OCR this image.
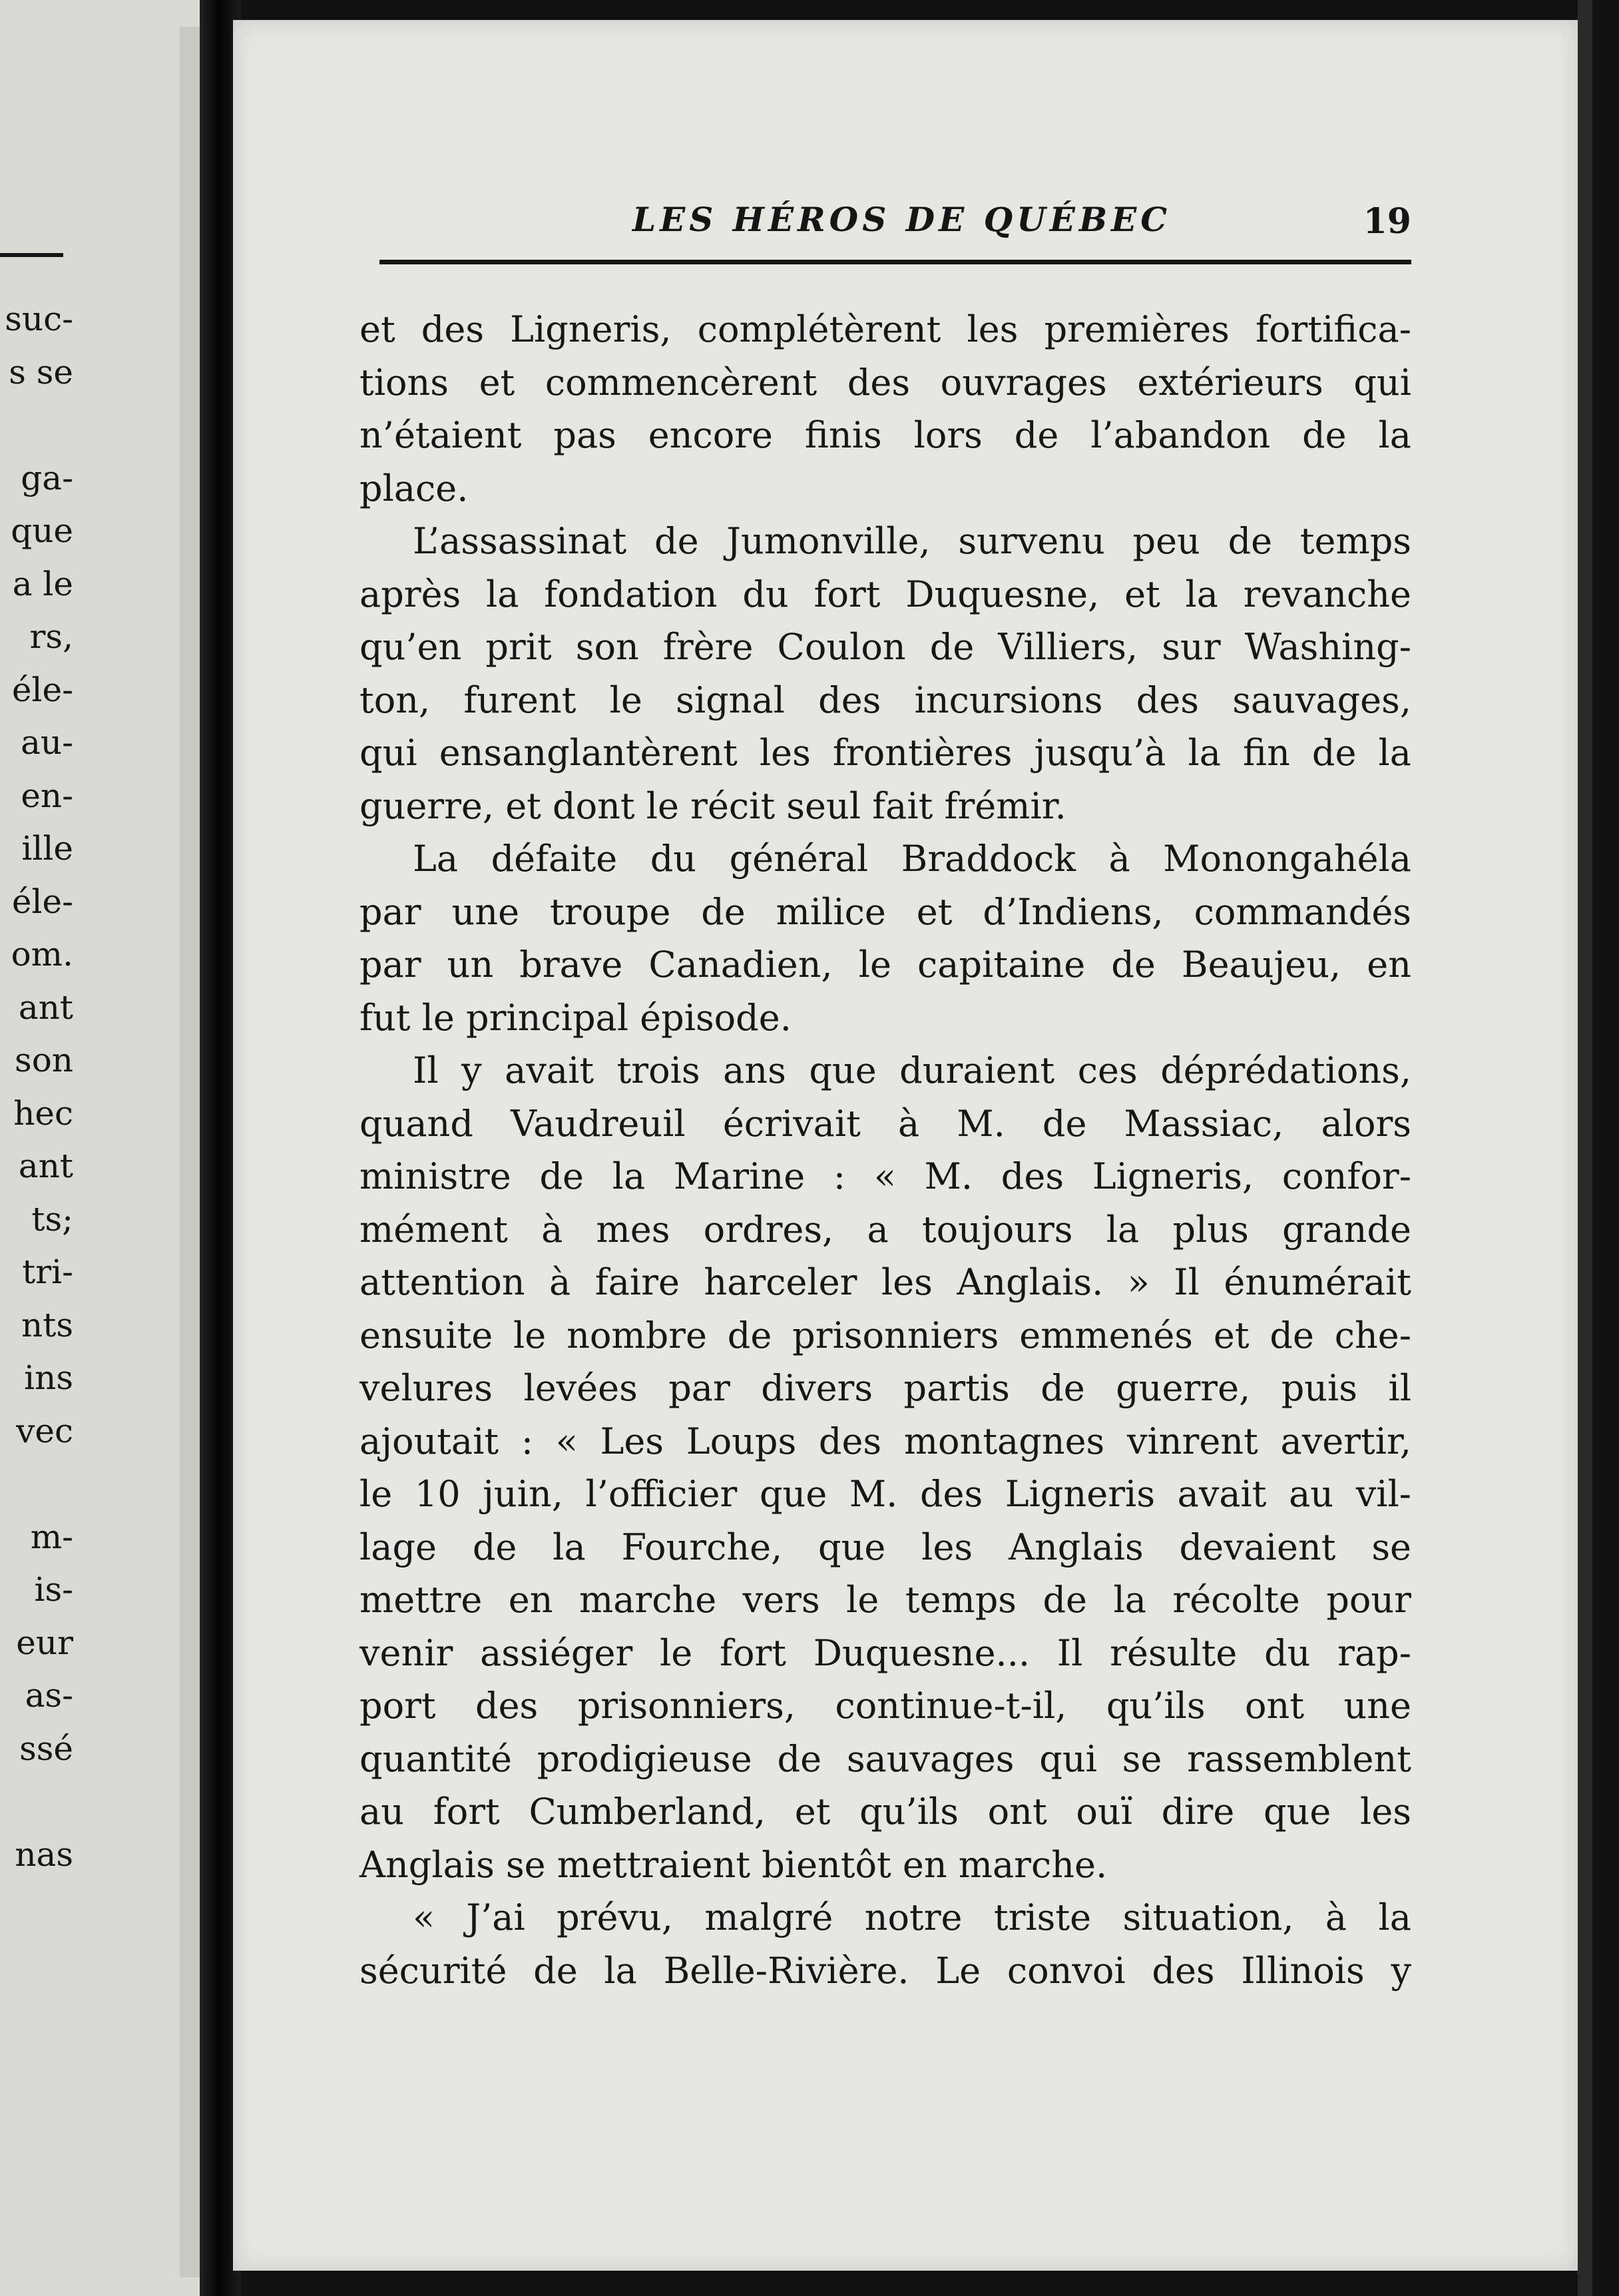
suc-
s se
ga-
que
a le
rs,
éle-
au-
en-
ille
éle-
om.
ant
son
hec
ant
ts;
tri-
nts
ins
vec
m-
is-
eur
as-
ssé
nas
LES HÉROS DE QUÉBEC	19
et des Ligneris, complétèrent les premières fortifica-
tions et commencèrent des ouvrages extérieurs qui
n’étaient pas encore finis lors de l’abandon de la
place.
L’assassinat de Jumonville, survenu peu de temps
après la fondation du fort Duquesne, et la revanche
qu’en prit son frère Coulon de Villiers, sur Washing-
ton, furent le signal des incursions des sauvages,
qui ensanglantèrent les frontières jusqu’à la fin de la
guerre, et dont le récit seul fait frémir.
La défaite du général Braddock à Monongahéla
par une troupe de milice et d’Indiens, commandés
par un brave Canadien, le capitaine de Beaujeu, en
fut le principal épisode.
Il y avait trois ans que duraient ces déprédations,
quand Vaudreuil écrivait à M. de Massiac, alors
ministre de la Marine : « M. des Ligneris, confor-
mément à mes ordres, a toujours la plus grande
attention à faire harceler les Anglais. » Il énumérait
ensuite le nombre de prisonniers emmenés et de che-
velures levées par divers partis de guerre, puis il
ajoutait : « Les Loups des montagnes vinrent avertir,
le 10 juin, l’officier que M. des Ligneris avait au vil-
lage de la Fourche, que les Anglais devaient se
mettre en marche vers le temps de la récolte pour
venir assiéger le fort Duquesne... Il résulte du rap-
port des prisonniers, continue-t-il, qu’ils ont une
quantité prodigieuse de sauvages qui se rassemblent
au fort Cumberland, et qu’ils ont ouï dire que les
Anglais se mettraient bientôt en marche.
« J’ai prévu, malgré notre triste situation, à la
sécurité de la Belle-Rivière. Le convoi des Illinois y
